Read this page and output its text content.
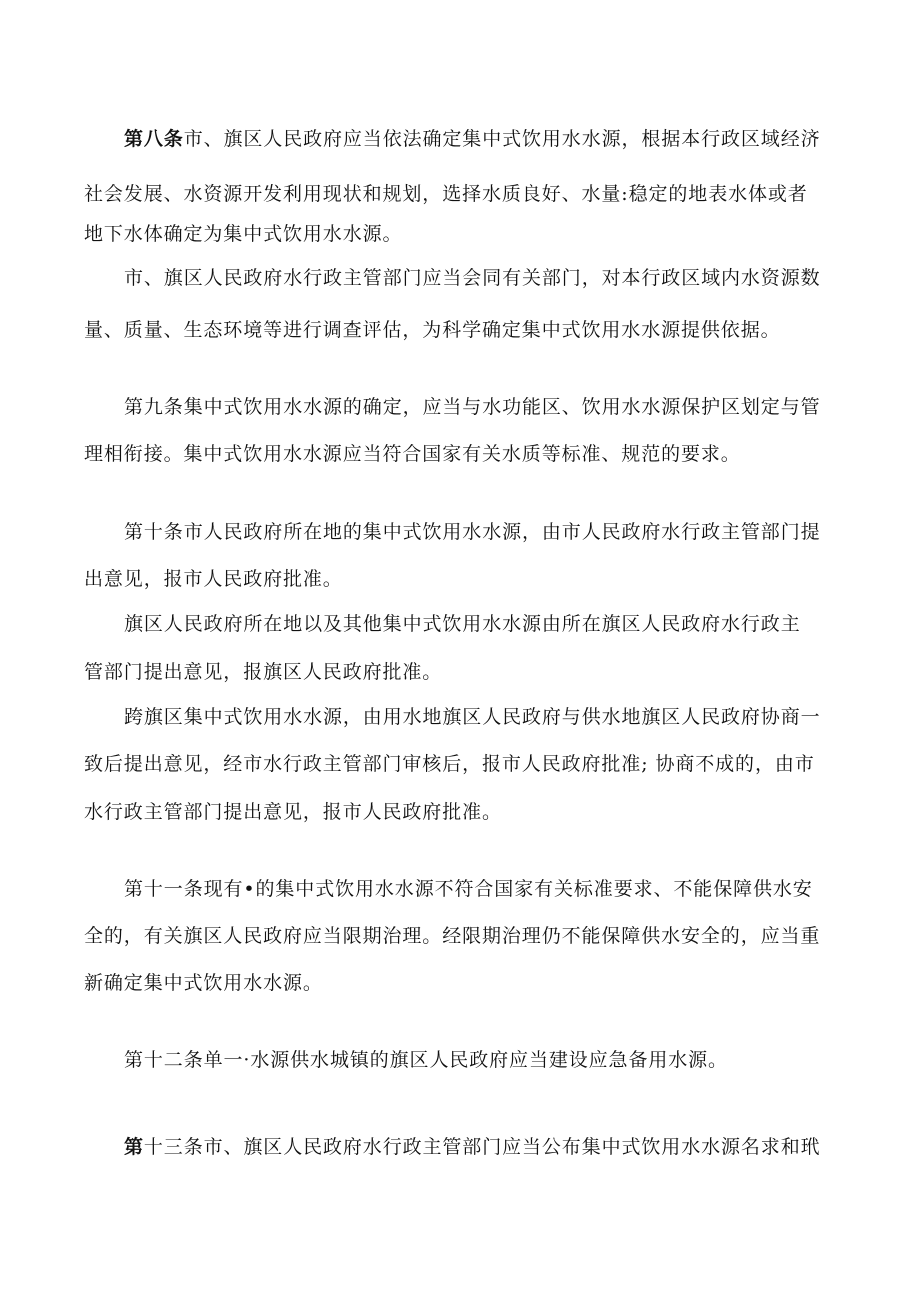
第八条市、旗区人民政府应当依法确定集中式饮用水水源，根据本行政区域经济
社会发展、水资源开发利用现状和规划，选择水质良好、水量:稳定的地表水体或者
地下水体确定为集中式饮用水水源。
市、旗区人民政府水行政主管部门应当会同有关部门，对本行政区域内水资源数
量、质量、生态环境等进行调查评估，为科学确定集中式饮用水水源提供依据。
第九条集中式饮用水水源的确定，应当与水功能区、饮用水水源保护区划定与管
理相衔接。集中式饮用水水源应当符合国家有关水质等标准、规范的要求。
第十条市人民政府所在地的集中式饮用水水源，由市人民政府水行政主管部门提
出意见，报市人民政府批准。
旗区人民政府所在地以及其他集中式饮用水水源由所在旗区人民政府水行政主
管部门提出意见，报旗区人民政府批准。
跨旗区集中式饮用水水源，由用水地旗区人民政府与供水地旗区人民政府协商一
致后提出意见，经市水行政主管部门审核后，报市人民政府批准; 协商不成的，由市
水行政主管部门提出意见，报市人民政府批准。
第十一条现有•的集中式饮用水水源不符合国家有关标准要求、不能保障供水安
全的，有关旗区人民政府应当限期治理。经限期治理仍不能保障供水安全的，应当重
新确定集中式饮用水水源。
第十二条单一·水源供水城镇的旗区人民政府应当建设应急备用水源。
第十三条市、旗区人民政府水行政主管部门应当公布集中式饮用水水源名求和玳
